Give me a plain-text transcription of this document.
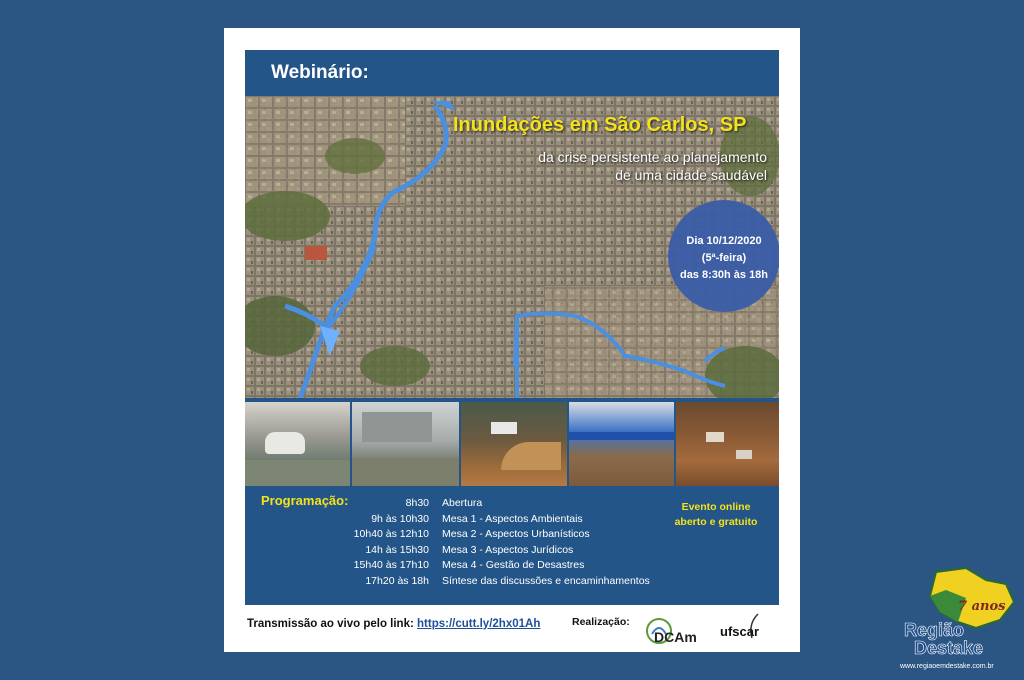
Webinário:
Inundações em São Carlos, SP
da crise persistente ao planejamento
de uma cidade saudável
Dia 10/12/2020
(5ª-feira)
das 8:30h às 18h
Programação:	8h30
9h às 10h30
10h40 às 12h10
14h às 15h30
15h40 às 17h10
17h20 às 18h
Abertura
Mesa 1 - Aspectos Ambientais
Mesa 2 - Aspectos Urbanísticos
Mesa 3 - Aspectos Jurídicos
Mesa 4 - Gestão de Desastres
Síntese das discussões e encaminhamentos
Evento online
aberto e gratuito
Transmissão ao vivo pelo link: https://cutt.ly/2hx01Ah	Realização:
DCAm ufscar
7 anos
Região
Destake
www.regiaoemdestake.com.br
